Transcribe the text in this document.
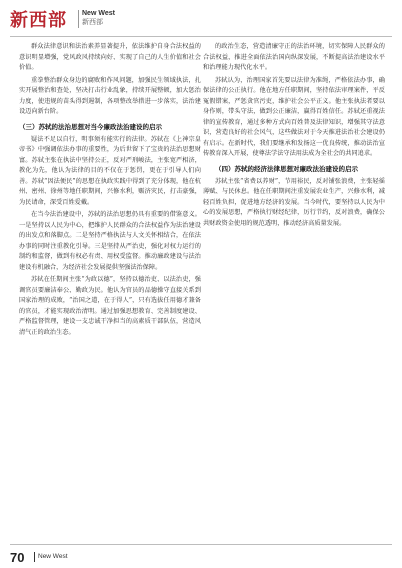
新西部 New West
新西部

群众法律意识和法治素养显著提升，依法维护自身合法权益的意识明显增强，党风政风持续向好、实现了自己的人生价值和社会价值。

重拳整治群众身边的腐败和作风问题，加强民生领域执法，扎实开展整治和查处，坚决打击行业乱象，持续开展整顿，加大惩治力度，使违规的苗头得到遏制，各项整改举措进一步落实，法治建设迈向新台阶。

（三）苏轼的法治思想对当今廉政法治建设的启示

疑法不足以自行，明事须有能实行的法律。苏轼在《上神宗皇帝书》中强调依法办事的重要性，为后世留下了宝贵的法治思想财富。苏轼主张在执法中坚持公正，反对严刑峻法，主张宽严相济，教化为先，他认为法律的目的不仅在于惩罚，更在于引导人们向善。苏轼“因法便民”的思想在执政实践中得到了充分体现，他在杭州、密州、徐州等地任职期间，兴修水利，赈济灾民，打击豪强，为民请命，深受百姓爱戴。

在当今法治建设中，苏轼的法治思想仍具有重要的借鉴意义。一是坚持以人民为中心，把维护人民群众的合法权益作为法治建设的出发点和落脚点。二是坚持严格执法与人文关怀相结合，在依法办事的同时注重教化引导。三是坚持从严治吏，强化对权力运行的制约和监督，做到有权必有责、用权受监督。推动廉政建设与法治建设有机融合，为经济社会发展提供坚强法治保障。

苏轼在任期间主张“为政以德”，坚持以德治吏、以法治吏，强调官员要廉洁奉公、勤政为民。他认为官员的品德操守直接关系到国家治理的成败，“治国之道，在于得人”，只有选拔任用德才兼备的官员，才能实现政治清明。通过加强思想教育、完善制度建设、严格监督管理，建设一支忠诚干净担当的高素质干部队伍，营造风清气正的政治生态。

的政治生态，营造清廉守正的法治环境，切实保障人民群众的合法权益，推进全面依法治国向纵深发展，不断提高法治建设水平和治理能力现代化水平。

苏轼认为，治理国家首先要以法律为准绳，严格依法办事，确保法律的公正执行。他在地方任职期间，坚持依法审理案件，平反冤假错案，严惩贪官污吏，维护社会公平正义。他主张执法者要以身作则，带头守法，做到公正廉洁，赢得百姓信任。苏轼还重视法律的宣传教育，通过多种方式向百姓普及法律知识，增强其守法意识，营造良好的社会风气，这些做法对于今天推进法治社会建设仍有启示。在新时代，我们要继承和发扬这一优良传统，推动法治宣传教育深入开展，使尊法学法守法用法成为全社会的共同追求。

（四）苏轼的经济法律思想对廉政法治建设的启示

苏轼主张“省费以养财”，节用裕民，反对铺张浪费，主张轻徭薄赋、与民休息。他在任职期间注重发展农业生产，兴修水利，减轻百姓负担，促进地方经济的发展。当今时代，要坚持以人民为中心的发展思想，严格执行财经纪律，厉行节约，反对浪费，确保公共财政资金使用的规范透明，推动经济高质量发展。

70 New West
